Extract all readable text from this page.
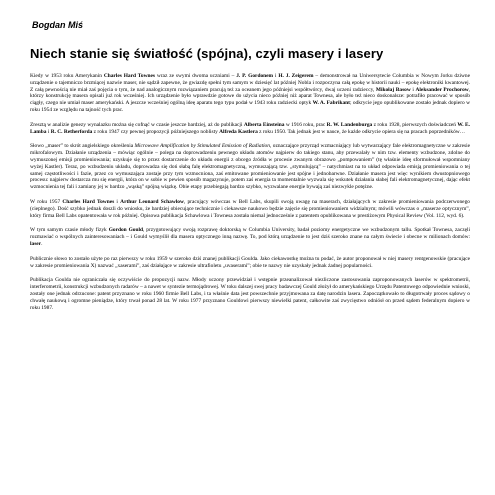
Bogdan Miś
Niech stanie się światłość (spójna), czyli masery i lasery

Kiedy w 1953 roku Amerykanin Charles Hard Townes wraz ze swymi dwoma uczniami – J. P. Gordonem i H. J. Zeigerem – demonstrował na Uniwersytecie Columbia w Nowym Jorku dziwne urządzenie o tajemniczo brzmiącej nazwie maser, nie sądził zapewne, że gwiazdę spełni tym samym w dziesięć lat później Nobla i rozpoczyna całą epokę w historii nauki – epokę elektroniki kwantowej. Z całą pewnością nie miał zaś pojęcia o tym, że nad analogicznym rozwiązaniem pracują też za oceanem jego późniejsi współtwórcy, dwaj uczeni radzieccy, Mikołaj Basow i Aleksander Prochorow, którzy konstrukcję masera opisali już rok wcześniej. Ich urządzenie było wprawdzie gotowe do użycia nieco później niż aparat Townesa, ale było też nieco doskonalsze: potrafiło pracować w sposób ciągły, czego nie umiał maser amerykański. A jeszcze wcześniej ogólną ideę aparatu tego typu podał w 1943 roku radziecki optyk W. A. Fabrikant; odkrycie jego opublikowane zostało jednak dopiero w roku 1954 ze względu na tajność tych prac.

Zresztą w analizie genezy wynalazku można się cofnąć w czasie jeszcze bardziej, aż do publikacji Alberta Einsteina w 1916 roku, prac R. W. Landenburga z roku 1928, pierwszych doświadczeń W. E. Lamba i R. C. Retherforda z roku 1947 czy pewnej propozycji późniejszego noblisty Alfreda Kastlera z roku 1950. Tak jednak jest w nauce, że każde odkrycie opiera się na pracach poprzedników…

Słowo „maser” to skrót angielskiego określenia Microwave Amplification by Stimulated Emission of Radiation, oznaczające przyrząd wzmacniający lub wytwarzający fale elektromagnetyczne w zakresie mikrofalowym. Działanie urządzenia – mówiąc ogólnie – polega na doprowadzeniu pewnego układu atomów najpierw do takiego stanu, aby przewalały w nim tzw. elementy wzbudzone, zdolne do wymuszonej emisji promieniowania; uzyskuje się to przez dostarczenie do układu energii z obcego źródła w procesie zwanym obrazowo „pompowaniem” (tę właśnie ideę sformułował wspomniany wyżej Kastler). Teraz, po wzbudzeniu układu, doprowadza się doń słabą falę elektromagnetyczną, wymuszającą tzw. „stymulującą” – natychmiast na to układ odpowiada emisją promieniowania o tej samej częstotliwości i fazie, przez co wymuszająca zostaje przy tym wzmocniona, zaś emitowane promieniowanie jest spójne i jednobarwne. Działanie masera jest więc wynikiem dwustopniowego procesu: najpierw dostarcza mu się energii, która on w sobie w pewien sposób magazynuje, potem zaś energia ta momentalnie wyzwala się wskutek działania słabej fali elektromagnetycznej, dając efekt wzmocnienia tej fali i zamiany jej w bardzo „wąską” spójną wiązkę. Obie etapy przebiegają bardzo szybko, wyzwalane energie bywają zaś niezwykle potężne.

W roku 1957 Charles Hard Townes i Arthur Leonard Schawlow, pracujący wówczas w Bell Labs, skupili swoją uwagę na maserach, działających w zakresie promieniowania podczerwonego (cieplnego). Dość szybko jednak doszli do wniosku, że bardziej obiecujące technicznie i ciekawsze naukowo będzie zajęcie się promieniowaniem widzialnym; mówili wówczas o „maserze optycznym”, który firma Bell Labs opatentowała w rok później. Opisowa publikacja Schawlowa i Townesa została niemal jednocześnie z patentem opublikowana w prestiżowym Physical Review (Vol. 112, wyd. 6).

W tym samym czasie młody fizyk Gordon Gould, przygotowujący swoją rozprawę doktorską w Columbia University, badał poziomy energetyczne we wzbudzonym tallu. Spotkał Townesa, zaczęli rozmawiać o wspólnych zainteresowaniach – i Gould wymyślił dla masera optycznego inną nazwę. To, pod którą urządzenie to jest dziś szeroko znane na całym świecie i obecne w milionach domów: laser.

Publicznie słowo to zostało użyte po raz pierwszy w roku 1959 w szeroko dziś znanej publikacji Goulda. Jako ciekawostkę można tu podać, że autor proponował w niej masery rentgenowskie (pracujące w zakresie promieniowania X) nazwać „xaserami”, zaś działające w zakresie ultrafioletu „uvaserami”; obie te nazwy nie uzyskały jednak żadnej popularności.

Publikacja Goulda nie ograniczała się oczywiście do propozycji nazw. Młody uczony przewidział i wstępnie przeanalizował niezliczone zastosowania zaproponowanych laserów w spektrometrii, interferometrii, konstrukcji wzbudzonych radarów – a nawet w syntezie termojądrowej. W toku dalszej swej pracy badawczej Gould złożył do amerykańskiego Urzędu Patentowego odpowiednie wnioski, zostały one jednak odrzucone: patent przyznano w roku 1960 firmie Bell Labs, i ta właśnie data jest powszechnie przyjmowana za datę narodzin lasera. Zapoczątkowało to długotrwały proces sądowy o chwałę naukową i ogromne pieniądze, który trwał ponad 28 lat. W roku 1977 przyznano Gouldowi pierwszy niewielki patent, całkowite zaś zwycięstwo odniósł on przed sądem federalnym dopiero w roku 1987.
